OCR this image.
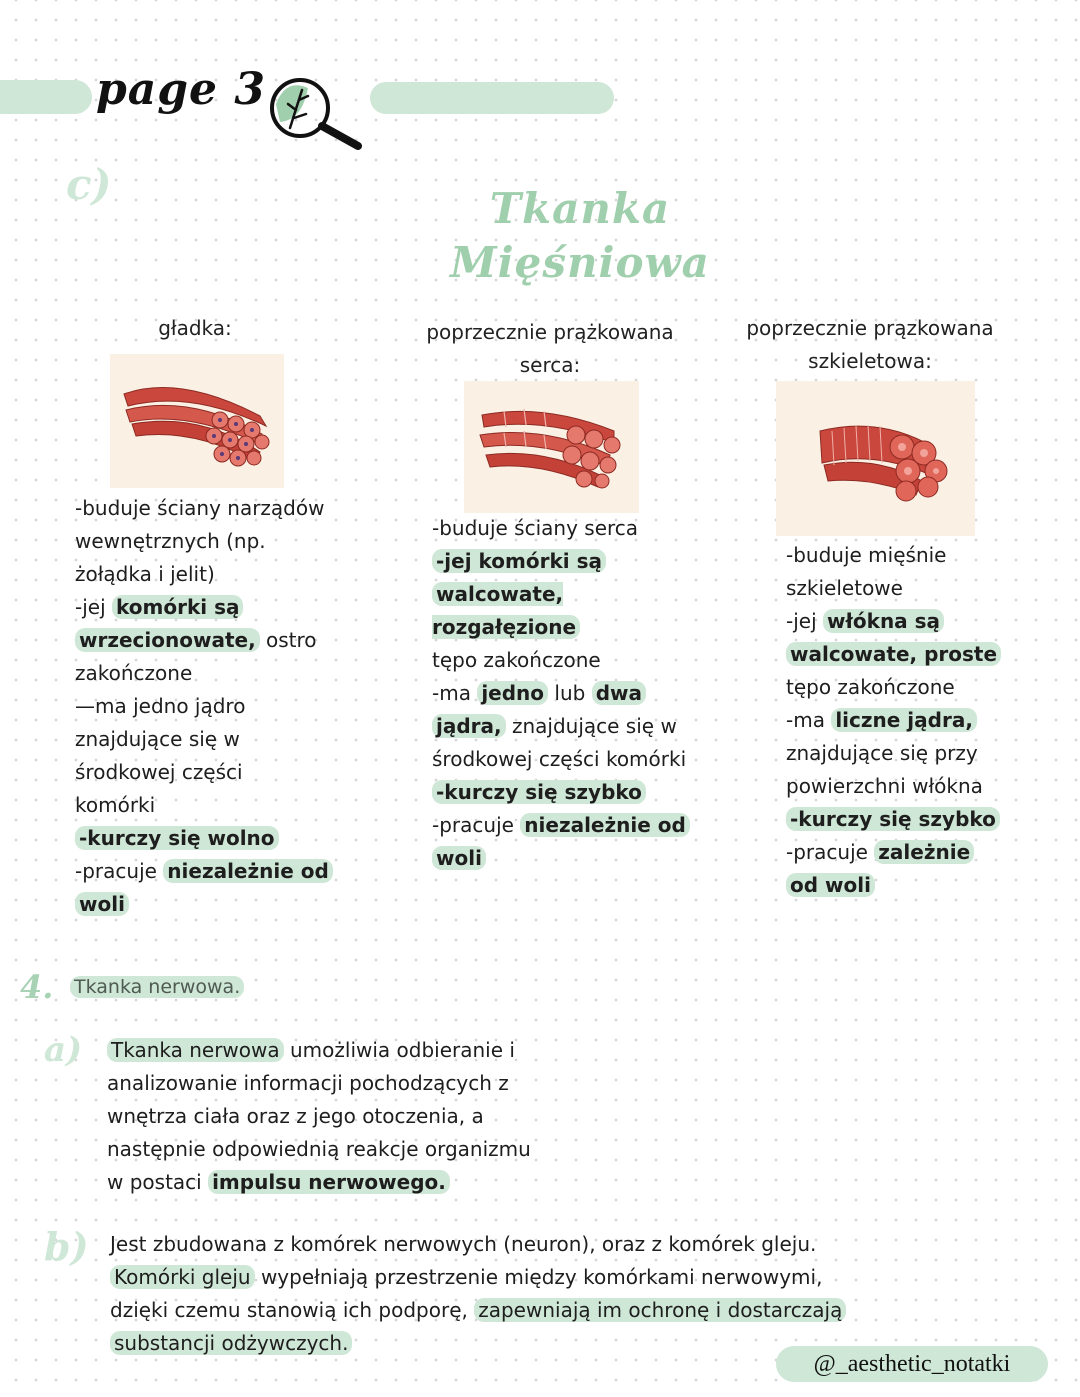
page 3
c)	Tkanka
Mięśniowa
gładka:	poprzecznie prążkowana serca:
poprzecznie prązkowana szkieletowa:
-buduje ściany narządów
wewnętrznych (np.
żołądka i jelit)
-jej komórki są
wrzecionowate, ostro
zakończone
—ma jedno jądro
znajdujące się w
środkowej części
komórki
-kurczy się wolno
-pracuje niezależnie od
woli
-buduje ściany serca
-jej komórki są
walcowate, rozgałęzione
tępo zakończone
-ma jedno lub dwa
jądra, znajdujące się w
środkowej części komórki
-kurczy się szybko
-pracuje niezależnie od
woli
-buduje mięśnie
szkieletowe
-jej włókna są
walcowate, proste
tępo zakończone
-ma liczne jądra,
znajdujące się przy
powierzchni włókna
-kurczy się szybko
-pracuje zależnie
od woli
4. Tkanka nerwowa.
a) Tkanka nerwowa umożliwia odbieranie i
analizowanie informacji pochodzących z
wnętrza ciała oraz z jego otoczenia, a
następnie odpowiednią reakcje organizmu
w postaci impulsu nerwowego.
b) Jest zbudowana z komórek nerwowych (neuron), oraz z komórek gleju.
Komórki gleju wypełniają przestrzenie między komórkami nerwowymi,
dzięki czemu stanowią ich podporę, zapewniają im ochronę i dostarczają
substancji odżywczych.
@_aesthetic_notatki
